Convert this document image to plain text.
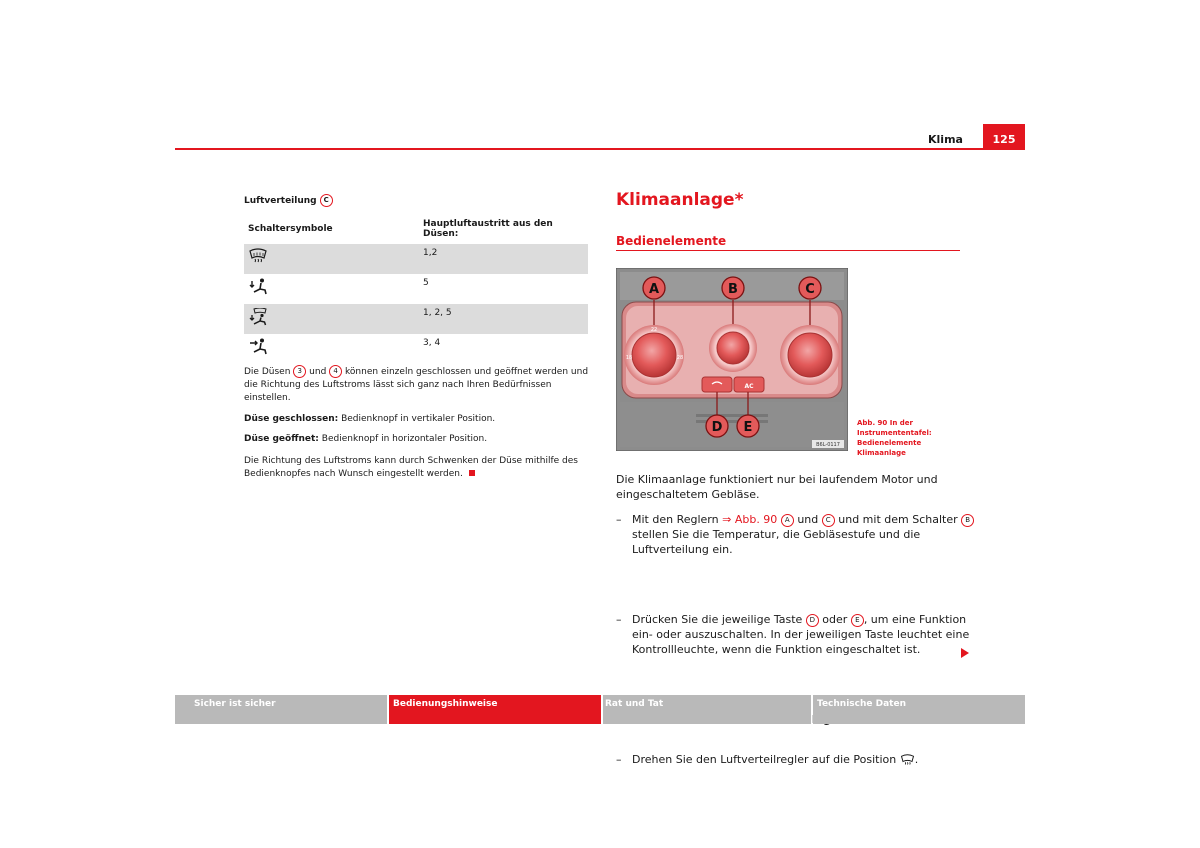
Klima	125
Luftverteilung C
Schaltersymbole	Hauptluftaustritt aus den Düsen:
	1,2
	5
	1, 2, 5
	3, 4
Die Düsen 3 und 4 können einzeln geschlossen und geöffnet werden und die Richtung des Luftstroms lässt sich ganz nach Ihren Bedürfnissen einstellen.
Düse geschlossen: Bedienknopf in vertikaler Position.
Düse geöffnet: Bedienknopf in horizontaler Position.
Die Richtung des Luftstroms kann durch Schwenken der Düse mithilfe des Bedienknopfes nach Wunsch eingestellt werden.
Klimaanlage*
Bedienelemente
A	B	C
D E
18
22
28
AC
B6L-0117
Abb. 90 In der Instrumententafel: Bedienelemente Klimaanlage
Die Klimaanlage funktioniert nur bei laufendem Motor und eingeschaltetem Gebläse.
– Mit den Reglern ⇒ Abb. 90 A und C und mit dem Schalter B stellen Sie die Temperatur, die Gebläsestufe und die Luftverteilung ein.
– Drücken Sie die jeweilige Taste D oder E , um eine Funktion ein- oder auszuschalten. In der jeweiligen Taste leuchtet eine Kontrollleuchte, wenn die Funktion eingeschaltet ist.
– Drehen Sie den Luftverteilregler auf die Position .
Sicher ist sicher	Bedienungshinweise	Rat und Tat	Technische Daten
